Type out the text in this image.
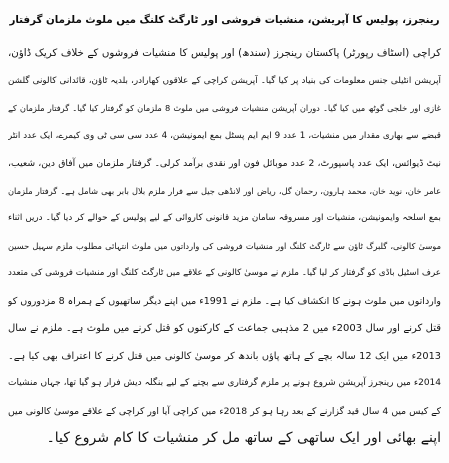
رینجرز، پولیس کا آپریشن، منشیات فروشی اور ٹارگٹ کلنگ میں ملوث ملزمان گرفتار
کراچی (اسٹاف رپورٹر) پاکستان رینجرز (سندھ) اور پولیس کا منشیات فروشوں کے خلاف کریک ڈاؤن،
آپریشن انٹیلی جنس معلومات کی بنیاد پر کیا گیا۔ آپریشن کراچی کے علاقوں کھارادر، بلدیہ ٹاؤن، قائدانی کالونی گلشن
غازی اور خلجی گوٹھ میں کیا گیا۔ دوران آپریشن منشیات فروشی میں ملوث 8 ملزمان کو گرفتار کیا گیا۔ گرفتار ملزمان کے
قبضے سے بھاری مقدار میں منشیات، 1 عدد 9 ایم ایم پسٹل بمع ایمونیشن، 4 عدد سی سی ٹی وی کیمرے، ایک عدد انٹر
نیٹ ڈیوائس، ایک عدد پاسپورٹ، 2 عدد موبائل فون اور نقدی برآمد کرلی۔ گرفتار ملزمان میں آفاق دین، شعیب،
عامر خان، نوید خان، محمد ہارون، رحمان گل، ریاض اور لانڈھی جیل سے فرار ملزم بلال بابر بھی شامل ہے۔ گرفتار ملزمان
بمع اسلحہ وایمونیشن، منشیات اور مسروقہ سامان مزید قانونی کاروائی کے لیے پولیس کے حوالے کر دیا گیا۔ دریں اثناء
موسیٰ کالونی، گلبرگ ٹاؤن سے ٹارگٹ کلنگ اور منشیات فروشی کی وارداتوں میں ملوث انتہائی مطلوب ملزم سہیل حسین
عرف اسٹیل باڈی کو گرفتار کر لیا گیا۔ ملزم نے موسیٰ کالونی کے علاقے میں ٹارگٹ کلنگ اور منشیات فروشی کی متعدد
وارداتوں میں ملوث ہونے کا انکشاف کیا ہے۔ ملزم نے 1991ء میں اپنے دیگر ساتھیوں کے ہمراہ 8 مزدوروں کو
قتل کرنے اور سال 2003ء میں 2 مذہبی جماعت کے کارکنوں کو قتل کرنے میں ملوث ہے۔ ملزم نے سال
2013ء میں ایک 12 سالہ بچے کے ہاتھ پاؤں باندھ کر موسیٰ کالونی میں قتل کرنے کا اعتراف بھی کیا ہے۔
2014ء میں رینجرز آپریشن شروع ہونے پر ملزم گرفتاری سے بچنے کے لیے بنگلہ دیش فرار ہو گیا تھا، جہاں منشیات
کے کیس میں 4 سال قید گزارنے کے بعد رہا ہو کر 2018ء میں کراچی آیا اور کراچی کے علاقے موسیٰ کالونی میں
اپنے بھائی اور ایک ساتھی کے ساتھ مل کر منشیات کا کام شروع کیا۔
